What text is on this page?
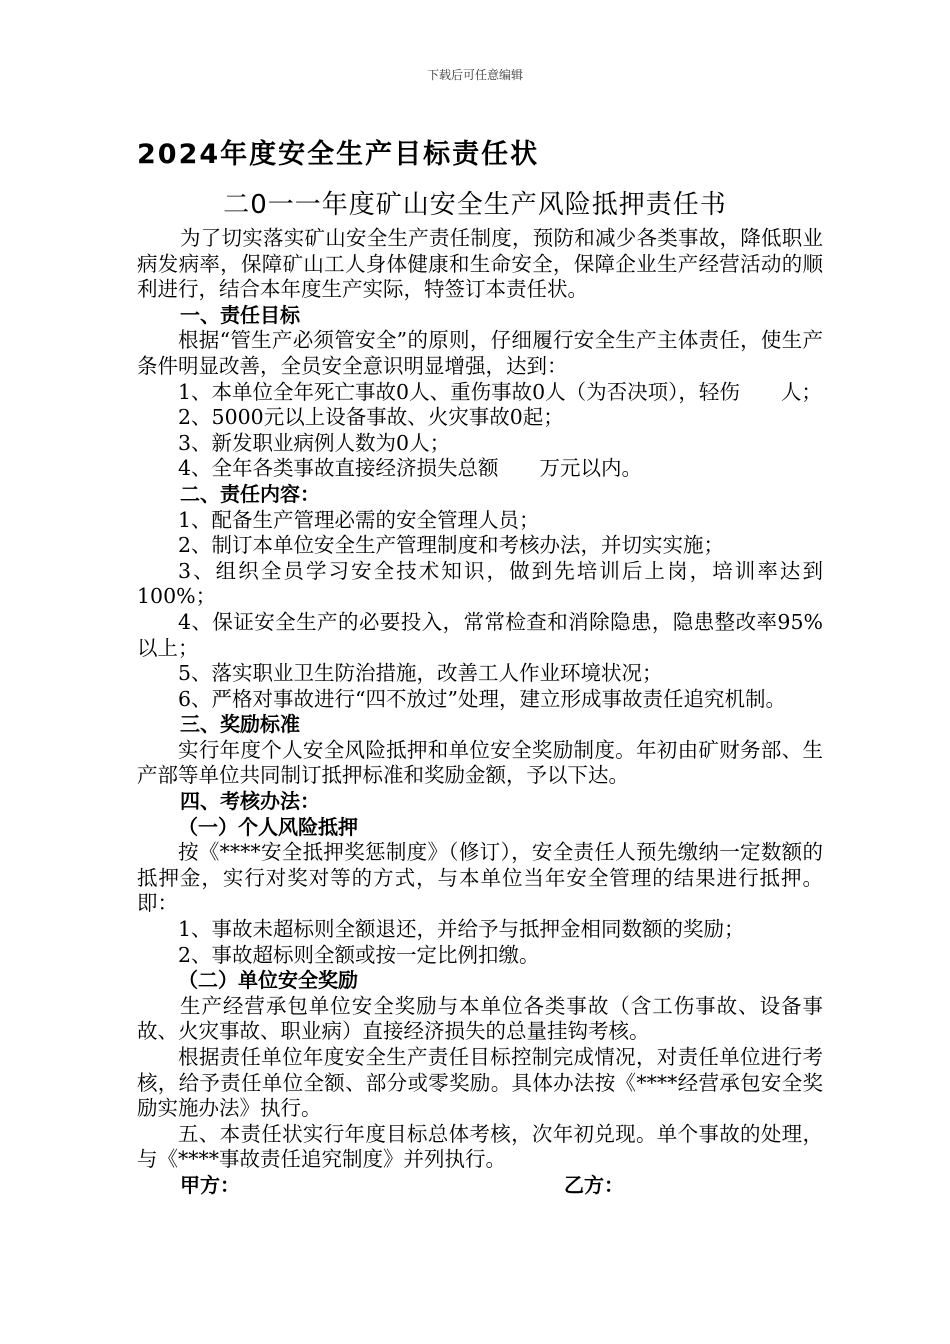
下载后可任意编辑
2024年度安全生产目标责任状
二0一一年度矿山安全生产风险抵押责任书

为了切实落实矿山安全生产责任制度，预防和减少各类事故，降低职业病发病率，保障矿山工人身体健康和生命安全，保障企业生产经营活动的顺利进行，结合本年度生产实际，特签订本责任状。

一、责任目标

根据“管生产必须管安全”的原则，仔细履行安全生产主体责任，使生产条件明显改善，全员安全意识明显增强，达到：

1、本单位全年死亡事故0人、重伤事故0人（为否决项），轻伤　　人；

2、5000元以上设备事故、火灾事故0起；

3、新发职业病例人数为0人；

4、全年各类事故直接经济损失总额　　万元以内。

二、责任内容：

1、配备生产管理必需的安全管理人员；

2、制订本单位安全生产管理制度和考核办法，并切实实施；

3、组织全员学习安全技术知识，做到先培训后上岗，培训率达到100%；

4、保证安全生产的必要投入，常常检查和消除隐患，隐患整改率95%以上；

5、落实职业卫生防治措施，改善工人作业环境状况；

6、严格对事故进行“四不放过”处理，建立形成事故责任追究机制。

三、奖励标准

实行年度个人安全风险抵押和单位安全奖励制度。年初由矿财务部、生产部等单位共同制订抵押标准和奖励金额，予以下达。

四、考核办法：

（一）个人风险抵押

按《****安全抵押奖惩制度》（修订），安全责任人预先缴纳一定数额的抵押金，实行对奖对等的方式，与本单位当年安全管理的结果进行抵押。即：

1、事故未超标则全额退还，并给予与抵押金相同数额的奖励；

2、事故超标则全额或按一定比例扣缴。

（二）单位安全奖励

生产经营承包单位安全奖励与本单位各类事故（含工伤事故、设备事故、火灾事故、职业病）直接经济损失的总量挂钩考核。

根据责任单位年度安全生产责任目标控制完成情况，对责任单位进行考核，给予责任单位全额、部分或零奖励。具体办法按《****经营承包安全奖励实施办法》执行。

五、本责任状实行年度目标总体考核，次年初兑现。单个事故的处理，与《****事故责任追究制度》并列执行。

甲方：	乙方：
